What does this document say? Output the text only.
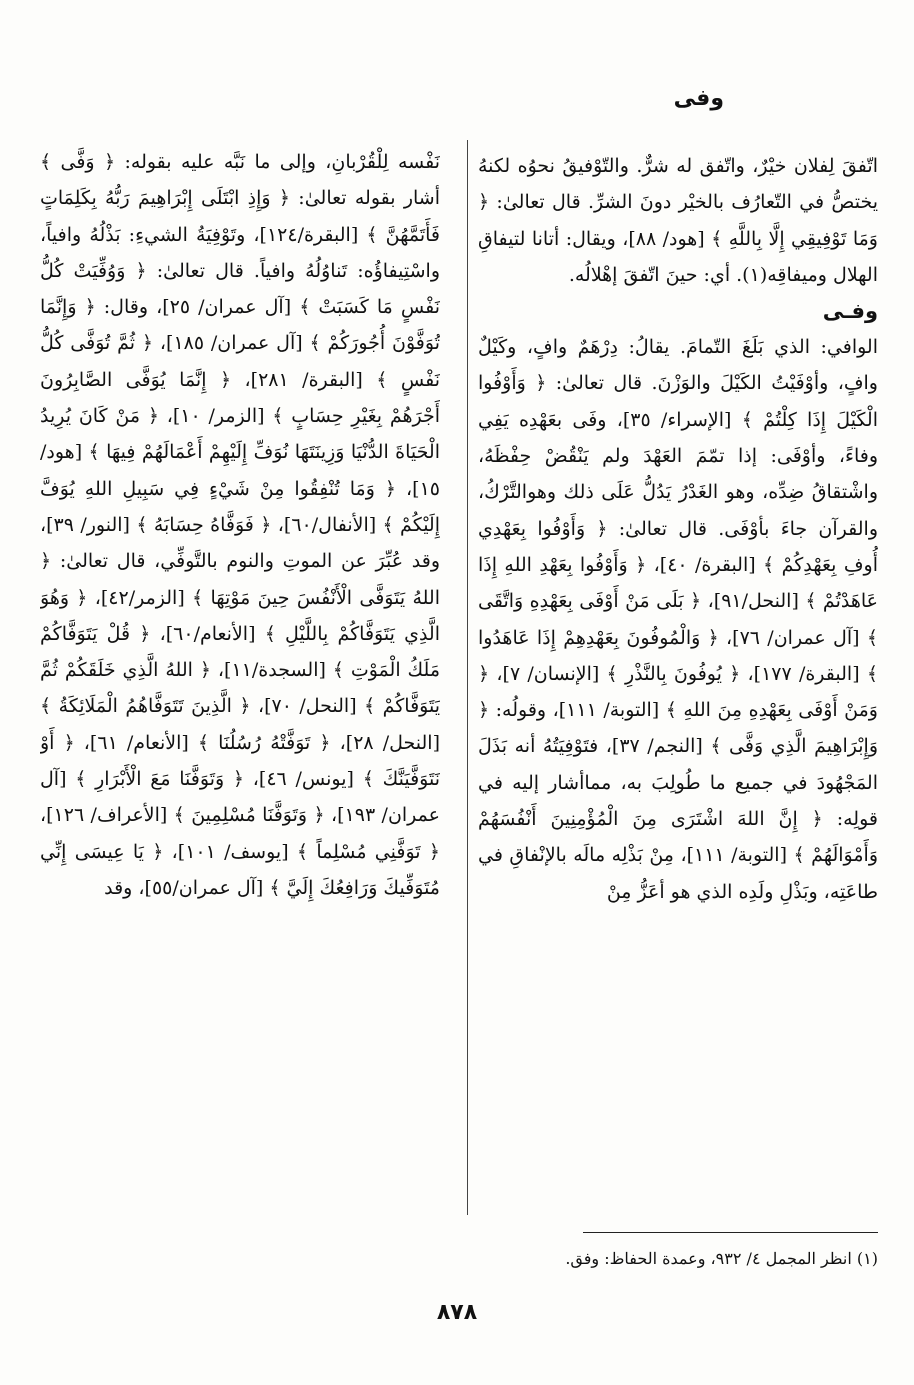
وفى

اتّفقَ لِفلان خيْرٌ، واتّفق له شرٌّ. والتّوْفيقُ نحوُه لكنهُ يختصُّ في التّعارُف بالخيْر دونَ الشرِّ. قال تعالىٰ: ﴿ وَمَا تَوْفِيقِي إِلَّا بِاللَّهِ ﴾ [هود/ ٨٨]، ويقال: أتانا لتيفاقِ الهلال وميفاقِه(١). أي: حينَ اتّفقَ إهْلالُه.

وفـى

الوافي: الذي بَلَغَ التّمامَ. يقالُ: دِرْهَمٌ وافٍ، وكَيْلٌ وافٍ، وأوْفَيْتُ الكَيْلَ والوَزْنَ. قال تعالىٰ: ﴿ وَأَوْفُوا الْكَيْلَ إِذَا كِلْتُمْ ﴾ [الإسراء/ ٣٥]، وفَى بعَهْدِه يَفِي وفاءً، وأوْفَى: إذا تمّمَ العَهْدَ ولم يَنْقُضْ حِفْظَهُ، واشْتقاقُ ضِدِّه، وهو الغَدْرُ يَدُلُّ عَلَى ذلك وهوالتَّرْكُ، والقرآن جاءَ بأوْفَى. قال تعالىٰ: ﴿ وَأَوْفُوا بِعَهْدِي أُوفِ بِعَهْدِكُمْ ﴾ [البقرة/ ٤٠]، ﴿ وَأَوْفُوا بِعَهْدِ اللهِ إِذَا عَاهَدْتُمْ ﴾ [النحل/٩١]، ﴿ بَلَى مَنْ أَوْفَى بِعَهْدِهِ وَاتَّقَى ﴾ [آل عمران/ ٧٦]، ﴿ وَالْمُوفُونَ بِعَهْدِهِمْ إِذَا عَاهَدُوا ﴾ [البقرة/ ١٧٧]، ﴿ يُوفُونَ بِالنَّذْرِ ﴾ [الإنسان/ ٧]، ﴿ وَمَنْ أَوْفَى بِعَهْدِهِ مِنَ اللهِ ﴾ [التوبة/ ١١١]، وقولُه: ﴿ وَإِبْرَاهِيمَ الَّذِي وَفَّى ﴾ [النجم/ ٣٧]، فتَوْفِيَتُهُ أنه بَذَلَ المَجْهُودَ في جميع ما طُولِبَ به، مماأشار إليه في قولِه: ﴿ إِنَّ اللهَ اشْتَرَى مِنَ الْمُؤْمِنِينَ أَنْفُسَهُمْ وَأَمْوَالَهُمْ ﴾ [التوبة/ ١١١]، مِنْ بَذْلِه مالَه بالإنْفاقِ في طاعَتِه، وبَذْلِ ولَدِه الذي هو أعَزُّ مِنْ

نَفْسه لِلْقُرْبانِ، وإلى ما نَبَّه عليه بقوله: ﴿ وَفَّى ﴾ أشار بقوله تعالىٰ: ﴿ وَإِذِ ابْتَلَى إِبْرَاهِيمَ رَبُّهُ بِكَلِمَاتٍ فَأَتَمَّهُنَّ ﴾ [البقرة/١٢٤]، وتَوْفِيَةُ الشيءِ: بَذْلُهُ وافياً، واسْتِيفاؤُه: تَناوُلُهُ وافياً. قال تعالىٰ: ﴿ وَوُفِّيَتْ كُلُّ نَفْسٍ مَا كَسَبَتْ ﴾ [آل عمران/ ٢٥]، وقال: ﴿ وَإِنَّمَا تُوَفَّوْنَ أُجُورَكُمْ ﴾ [آل عمران/ ١٨٥]، ﴿ ثُمَّ تُوَفَّى كُلُّ نَفْسٍ ﴾ [البقرة/ ٢٨١]، ﴿ إِنَّمَا يُوَفَّى الصَّابِرُونَ أَجْرَهُمْ بِغَيْرِ حِسَابٍ ﴾ [الزمر/ ١٠]، ﴿ مَنْ كَانَ يُرِيدُ الْحَيَاةَ الدُّنْيَا وَزِينَتَهَا نُوَفِّ إِلَيْهِمْ أَعْمَالَهُمْ فِيهَا ﴾ [هود/١٥]، ﴿ وَمَا تُنْفِقُوا مِنْ شَيْءٍ فِي سَبِيلِ اللهِ يُوَفَّ إِلَيْكُمْ ﴾ [الأنفال/٦٠]، ﴿ فَوَفَّاهُ حِسَابَهُ ﴾ [النور/ ٣٩]، وقد عُبِّرَ عن الموتِ والنوم بالتَّوفِّي، قال تعالىٰ: ﴿ اللهُ يَتَوَفَّى الْأَنْفُسَ حِينَ مَوْتِهَا ﴾ [الزمر/٤٢]، ﴿ وَهُوَ الَّذِي يَتَوَفَّاكُمْ بِاللَّيْلِ ﴾ [الأنعام/٦٠]، ﴿ قُلْ يَتَوَفَّاكُمْ مَلَكُ الْمَوْتِ ﴾ [السجدة/١١]، ﴿ اللهُ الَّذِي خَلَقَكُمْ ثُمَّ يَتَوَفَّاكُمْ ﴾ [النحل/ ٧٠]، ﴿ الَّذِينَ تَتَوَفَّاهُمُ الْمَلَائِكَةُ ﴾ [النحل/ ٢٨]، ﴿ تَوَفَّتْهُ رُسُلُنَا ﴾ [الأنعام/ ٦١]، ﴿ أَوْ نَتَوَفَّيَنَّكَ ﴾ [يونس/ ٤٦]، ﴿ وَتَوَفَّنَا مَعَ الْأَبْرَارِ ﴾ [آل عمران/ ١٩٣]، ﴿ وَتَوَفَّنَا مُسْلِمِينَ ﴾ [الأعراف/ ١٢٦]، ﴿ تَوَفَّنِي مُسْلِماً ﴾ [يوسف/ ١٠١]، ﴿ يَا عِيسَى إِنِّي مُتَوَفِّيكَ وَرَافِعُكَ إِلَيَّ ﴾ [آل عمران/٥٥]، وقد

(١) انظر المجمل ٤/ ٩٣٢، وعمدة الحفاظ: وفق.
٨٧٨
